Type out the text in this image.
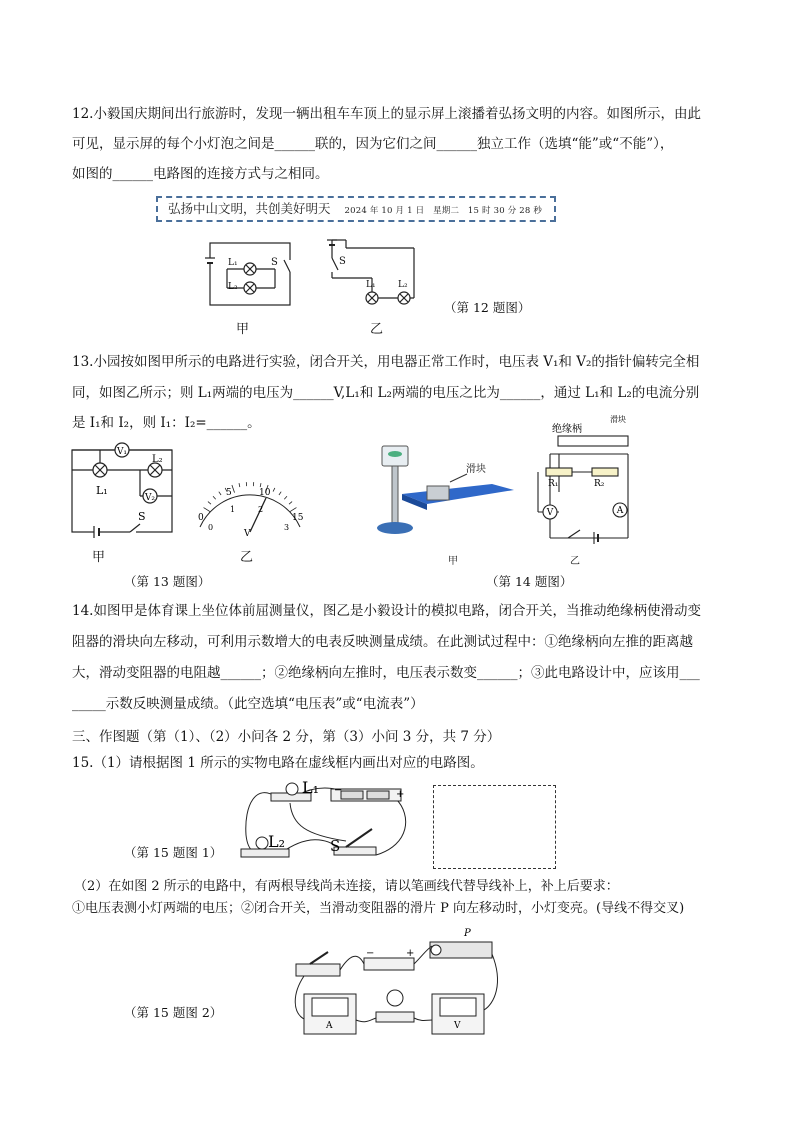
12.小毅国庆期间出行旅游时，发现一辆出租车车顶上的显示屏上滚播着弘扬文明的内容。如图所示，由此
可见，显示屏的每个小灯泡之间是______联的，因为它们之间______独立工作（选填“能”或“不能”），
如图的______电路图的连接方式与之相同。
弘扬中山文明，共创美好明天 2024 年 10 月 1 日　星期二　15 时 30 分 28 秒
L₁
L₂
S
甲
S
L₁ L₂
乙
（第 12 题图）
13.小园按如图甲所示的电路进行实验，闭合开关，用电器正常工作时，电压表 V₁和 V₂的指针偏转完全相
同，如图乙所示；则 L₁两端的电压为______V,L₁和 L₂两端的电压之比为______，通过 L₁和 L₂的电流分别
是 I₁和 I₂，则 I₁：I₂=______。
V₁
V₂
L₁
L₂
S
甲
0
5	10
15
0
1	2
3
V
乙
（第 13 题图）
滑块
甲
V	A
R₁	R₂
绝缘柄
滑块
乙
（第 14 题图）
14.如图甲是体育课上坐位体前屈测量仪，图乙是小毅设计的模拟电路，闭合开关，当推动绝缘柄使滑动变
阻器的滑块向左移动，可利用示数增大的电表反映测量成绩。在此测试过程中：①绝缘柄向左推的距离越
大，滑动变阻器的电阻越______；②绝缘柄向左推时，电压表示数变______；③此电路设计中，应该用___
_____示数反映测量成绩。（此空选填“电压表”或“电流表”）
三、作图题（第（1）、（2）小问各 2 分，第（3）小问 3 分，共 7 分）
15.（1）请根据图 1 所示的实物电路在虚线框内画出对应的电路图。
L₁
L₂	S
+
−
（第 15 题图 1）
（2）在如图 2 所示的电路中，有两根导线尚未连接，请以笔画线代替导线补上，补上后要求：
①电压表测小灯两端的电压；②闭合开关，当滑动变阻器的滑片 P 向左移动时，小灯变亮。(导线不得交叉)
P
A	V
−	+
（第 15 题图 2）
